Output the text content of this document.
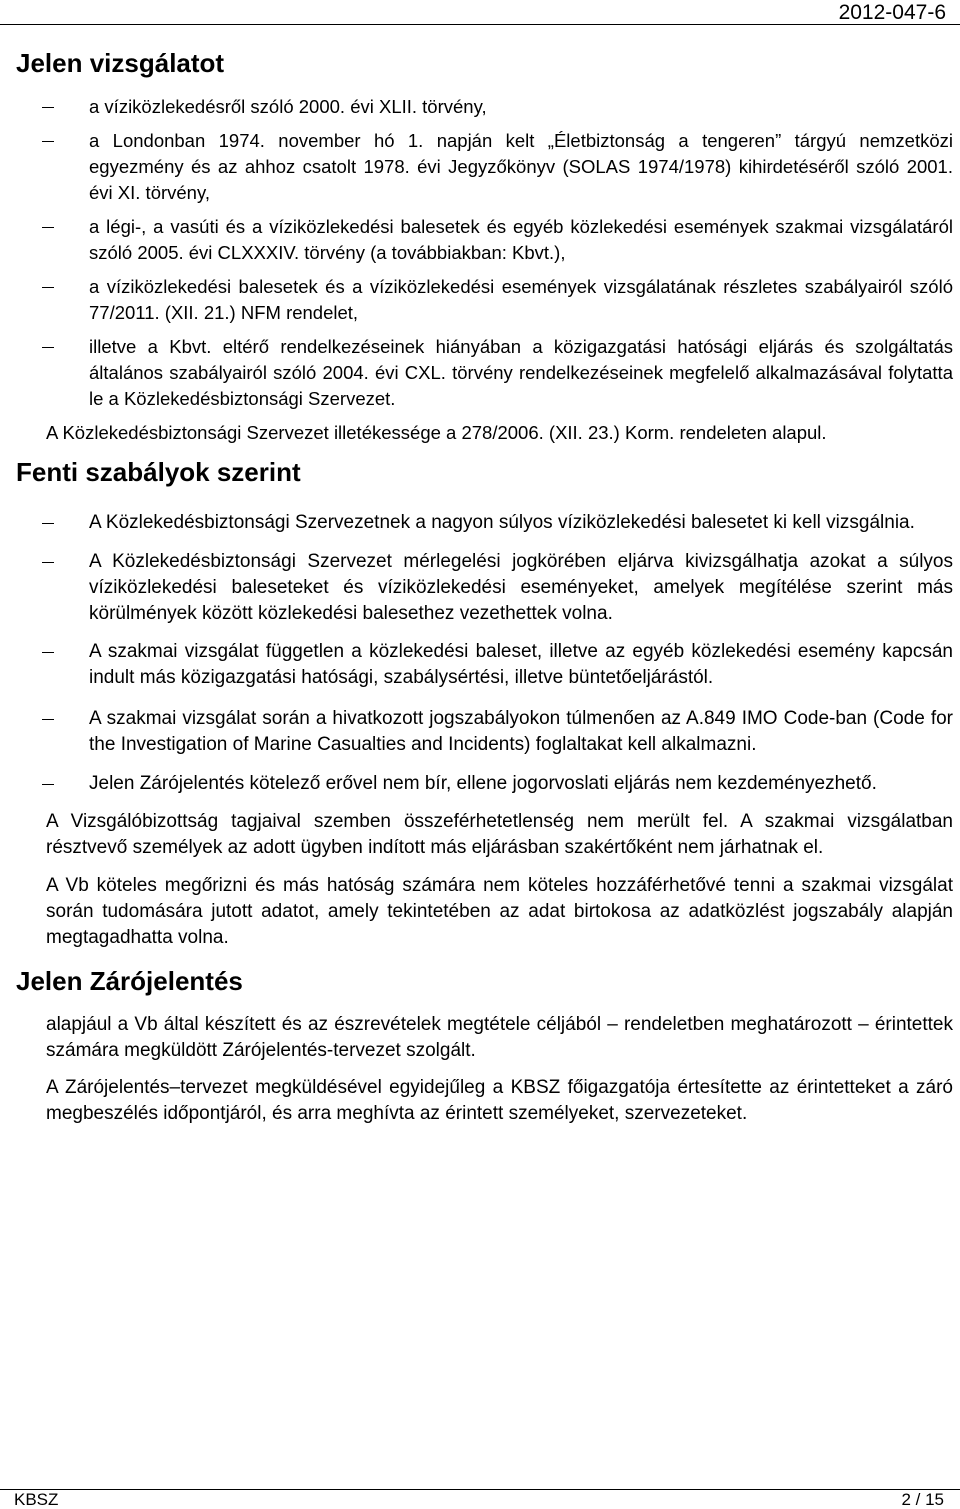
2012-047-6
Jelen vizsgálatot
a víziközlekedésről szóló 2000. évi XLII. törvény,
a Londonban 1974. november hó 1. napján kelt „Életbiztonság a tengeren” tárgyú nemzetközi egyezmény és az ahhoz csatolt 1978. évi Jegyzőkönyv (SOLAS 1974/1978) kihirdetéséről szóló 2001. évi XI. törvény,
a légi-, a vasúti és a víziközlekedési balesetek és egyéb közlekedési események szakmai vizsgálatáról szóló 2005. évi CLXXXIV. törvény (a továbbiakban: Kbvt.),
a víziközlekedési balesetek és a víziközlekedési események vizsgálatának részletes szabályairól szóló 77/2011. (XII. 21.) NFM rendelet,
illetve a Kbvt. eltérő rendelkezéseinek hiányában a közigazgatási hatósági eljárás és szolgáltatás általános szabályairól szóló 2004. évi CXL. törvény rendelkezéseinek megfelelő alkalmazásával folytatta le a Közlekedésbiztonsági Szervezet.

A Közlekedésbiztonsági Szervezet illetékessége a 278/2006. (XII. 23.) Korm. rendeleten alapul.

Fenti szabályok szerint
A Közlekedésbiztonsági Szervezetnek a nagyon súlyos víziközlekedési balesetet ki kell vizsgálnia.
A Közlekedésbiztonsági Szervezet mérlegelési jogkörében eljárva kivizsgálhatja azokat a súlyos víziközlekedési baleseteket és víziközlekedési eseményeket, amelyek megítélése szerint más körülmények között közlekedési balesethez vezethettek volna.
A szakmai vizsgálat független a közlekedési baleset, illetve az egyéb közlekedési esemény kapcsán indult más közigazgatási hatósági, szabálysértési, illetve büntetőeljárástól.
A szakmai vizsgálat során a hivatkozott jogszabályokon túlmenően az A.849 IMO Code-ban (Code for the Investigation of Marine Casualties and Incidents) foglaltakat kell alkalmazni.
Jelen Zárójelentés kötelező erővel nem bír, ellene jogorvoslati eljárás nem kezdeményezhető.

A Vizsgálóbizottság tagjaival szemben összeférhetetlenség nem merült fel. A szakmai vizsgálatban résztvevő személyek az adott ügyben indított más eljárásban szakértőként nem járhatnak el.

A Vb köteles megőrizni és más hatóság számára nem köteles hozzáférhetővé tenni a szakmai vizsgálat során tudomására jutott adatot, amely tekintetében az adat birtokosa az adatközlést jogszabály alapján megtagadhatta volna.

Jelen Zárójelentés

alapjául a Vb által készített és az észrevételek megtétele céljából – rendeletben meghatározott – érintettek számára megküldött Zárójelentés-tervezet szolgált.

A Zárójelentés–tervezet megküldésével egyidejűleg a KBSZ főigazgatója értesítette az érintetteket a záró megbeszélés időpontjáról, és arra meghívta az érintett személyeket, szervezeteket.

KBSZ	2 / 15
